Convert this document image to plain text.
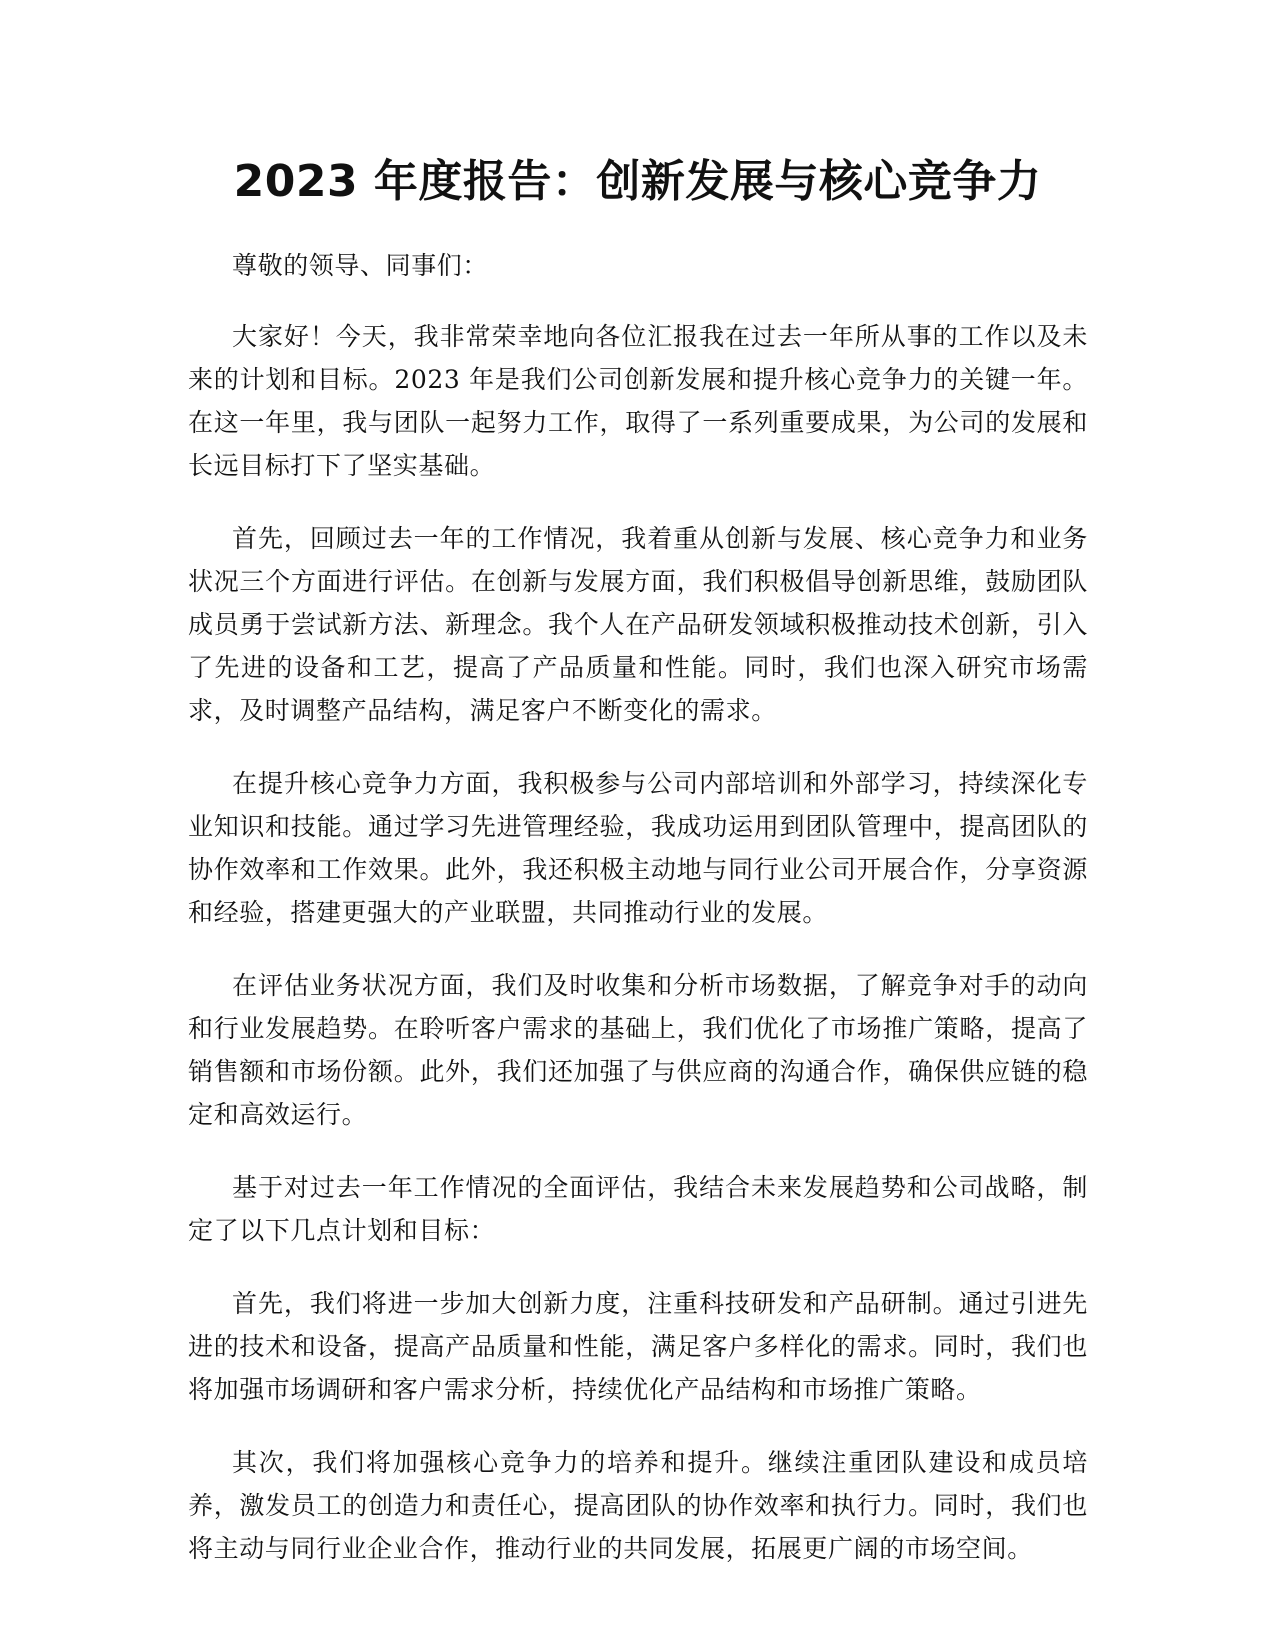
2023 年度报告：创新发展与核心竞争力

尊敬的领导、同事们：

大家好！今天，我非常荣幸地向各位汇报我在过去一年所从事的工作以及未来的计划和目标。2023 年是我们公司创新发展和提升核心竞争力的关键一年。在这一年里，我与团队一起努力工作，取得了一系列重要成果，为公司的发展和长远目标打下了坚实基础。

首先，回顾过去一年的工作情况，我着重从创新与发展、核心竞争力和业务状况三个方面进行评估。在创新与发展方面，我们积极倡导创新思维，鼓励团队成员勇于尝试新方法、新理念。我个人在产品研发领域积极推动技术创新，引入了先进的设备和工艺，提高了产品质量和性能。同时，我们也深入研究市场需求，及时调整产品结构，满足客户不断变化的需求。

在提升核心竞争力方面，我积极参与公司内部培训和外部学习，持续深化专业知识和技能。通过学习先进管理经验，我成功运用到团队管理中，提高团队的协作效率和工作效果。此外，我还积极主动地与同行业公司开展合作，分享资源和经验，搭建更强大的产业联盟，共同推动行业的发展。

在评估业务状况方面，我们及时收集和分析市场数据，了解竞争对手的动向和行业发展趋势。在聆听客户需求的基础上，我们优化了市场推广策略，提高了销售额和市场份额。此外，我们还加强了与供应商的沟通合作，确保供应链的稳定和高效运行。

基于对过去一年工作情况的全面评估，我结合未来发展趋势和公司战略，制定了以下几点计划和目标：

首先，我们将进一步加大创新力度，注重科技研发和产品研制。通过引进先进的技术和设备，提高产品质量和性能，满足客户多样化的需求。同时，我们也将加强市场调研和客户需求分析，持续优化产品结构和市场推广策略。

其次，我们将加强核心竞争力的培养和提升。继续注重团队建设和成员培养，激发员工的创造力和责任心，提高团队的协作效率和执行力。同时，我们也将主动与同行业企业合作，推动行业的共同发展，拓展更广阔的市场空间。
